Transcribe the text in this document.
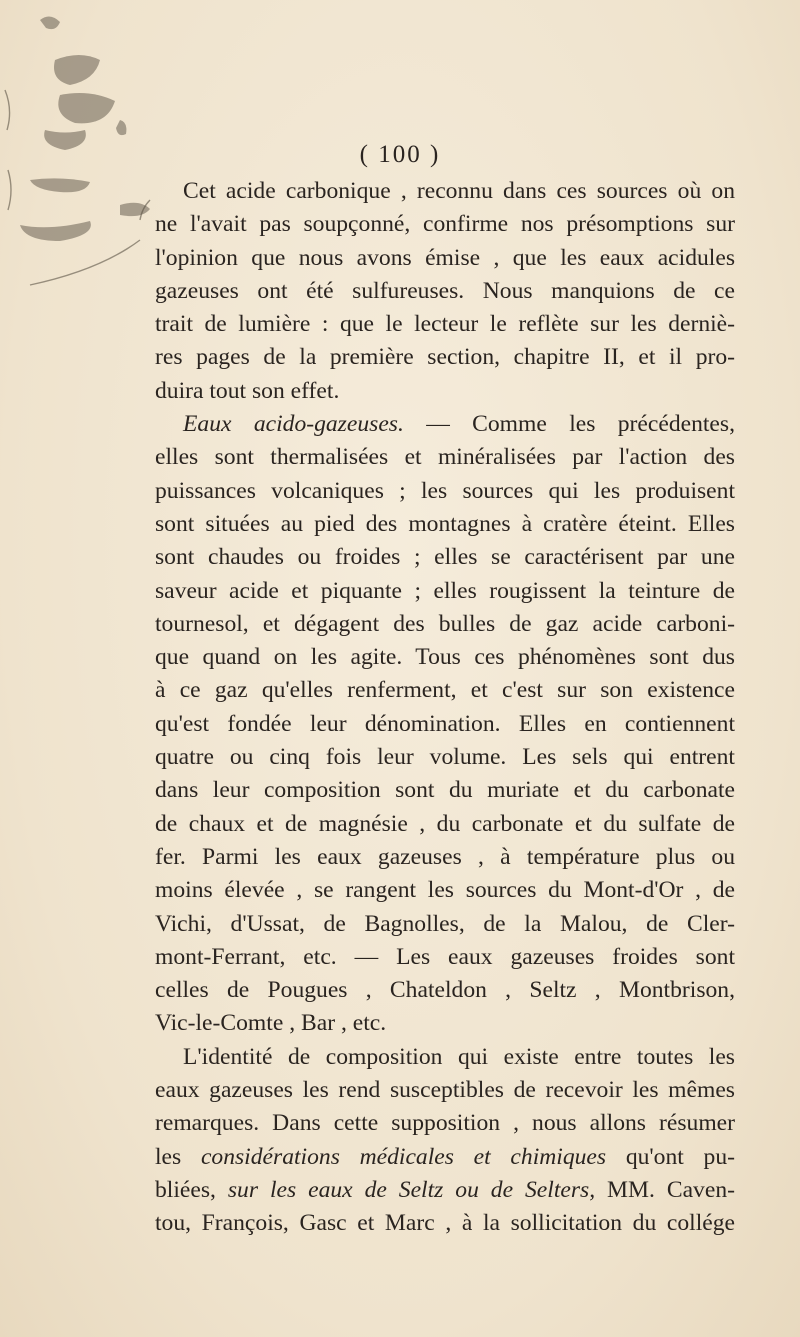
( 100 )
Cet acide carbonique , reconnu dans ces sources où on
ne l'avait pas soupçonné, confirme nos présomptions sur
l'opinion que nous avons émise , que les eaux acidules
gazeuses ont été sulfureuses. Nous manquions de ce
trait de lumière : que le lecteur le reflète sur les derniè-
res pages de la première section, chapitre II, et il pro-
duira tout son effet.
Eaux acido-gazeuses. — Comme les précédentes,
elles sont thermalisées et minéralisées par l'action des
puissances volcaniques ; les sources qui les produisent
sont situées au pied des montagnes à cratère éteint. Elles
sont chaudes ou froides ; elles se caractérisent par une
saveur acide et piquante ; elles rougissent la teinture de
tournesol, et dégagent des bulles de gaz acide carboni-
que quand on les agite. Tous ces phénomènes sont dus
à ce gaz qu'elles renferment, et c'est sur son existence
qu'est fondée leur dénomination. Elles en contiennent
quatre ou cinq fois leur volume. Les sels qui entrent
dans leur composition sont du muriate et du carbonate
de chaux et de magnésie , du carbonate et du sulfate de
fer. Parmi les eaux gazeuses , à température plus ou
moins élevée , se rangent les sources du Mont-d'Or , de
Vichi, d'Ussat, de Bagnolles, de la Malou, de Cler-
mont-Ferrant, etc. — Les eaux gazeuses froides sont
celles de Pougues , Chateldon , Seltz , Montbrison,
Vic-le-Comte , Bar , etc.
L'identité de composition qui existe entre toutes les
eaux gazeuses les rend susceptibles de recevoir les mêmes
remarques. Dans cette supposition , nous allons résumer
les considérations médicales et chimiques qu'ont pu-
bliées, sur les eaux de Seltz ou de Selters, MM. Caven-
tou, François, Gasc et Marc , à la sollicitation du collége
